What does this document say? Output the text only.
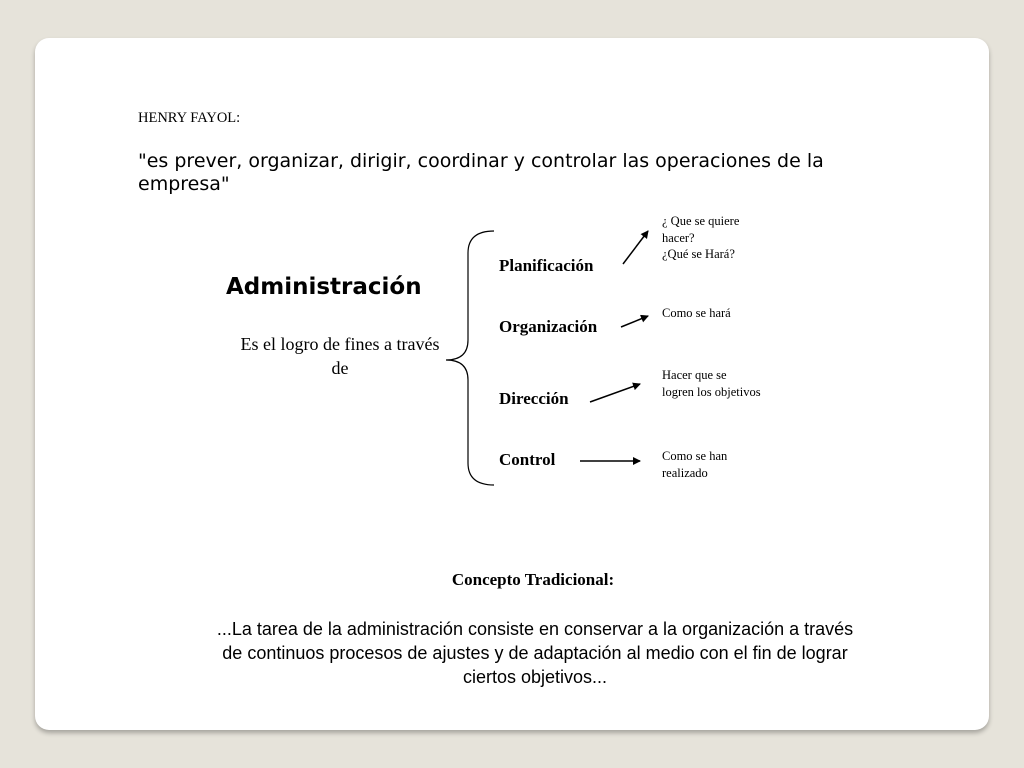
HENRY FAYOL:

"es prever, organizar, dirigir, coordinar y controlar las operaciones de la
empresa"

Administración

Es el logro de fines a través
de

Planificación

Organización

Dirección

Control

¿ Que se quiere
hacer?
¿Qué se Hará?

Como se hará

Hacer que se
logren los objetivos

Como se han
realizado

Concepto Tradicional:

...La tarea de la administración consiste en conservar a la organización a través
de continuos procesos de ajustes y de adaptación al medio con el fin de lograr
ciertos objetivos...
